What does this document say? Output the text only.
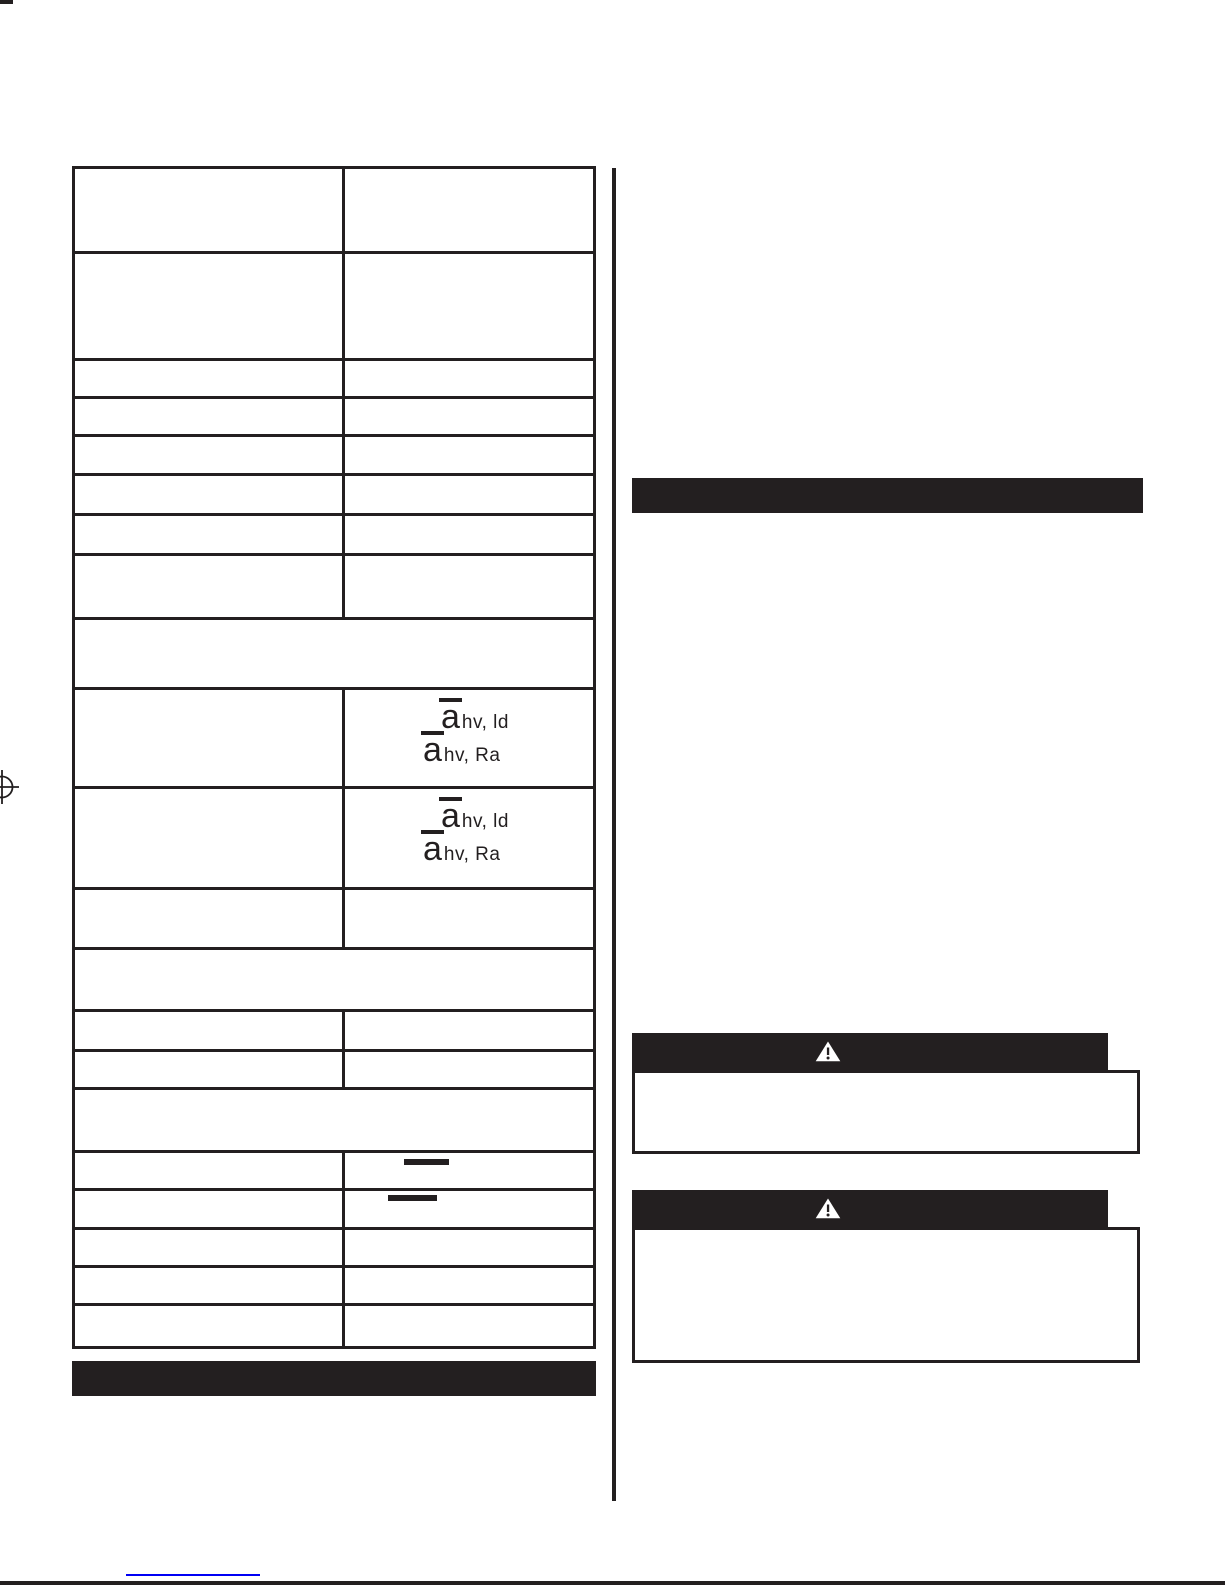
a hv, ld
a hv, Ra
a hv, ld
a hv, Ra
